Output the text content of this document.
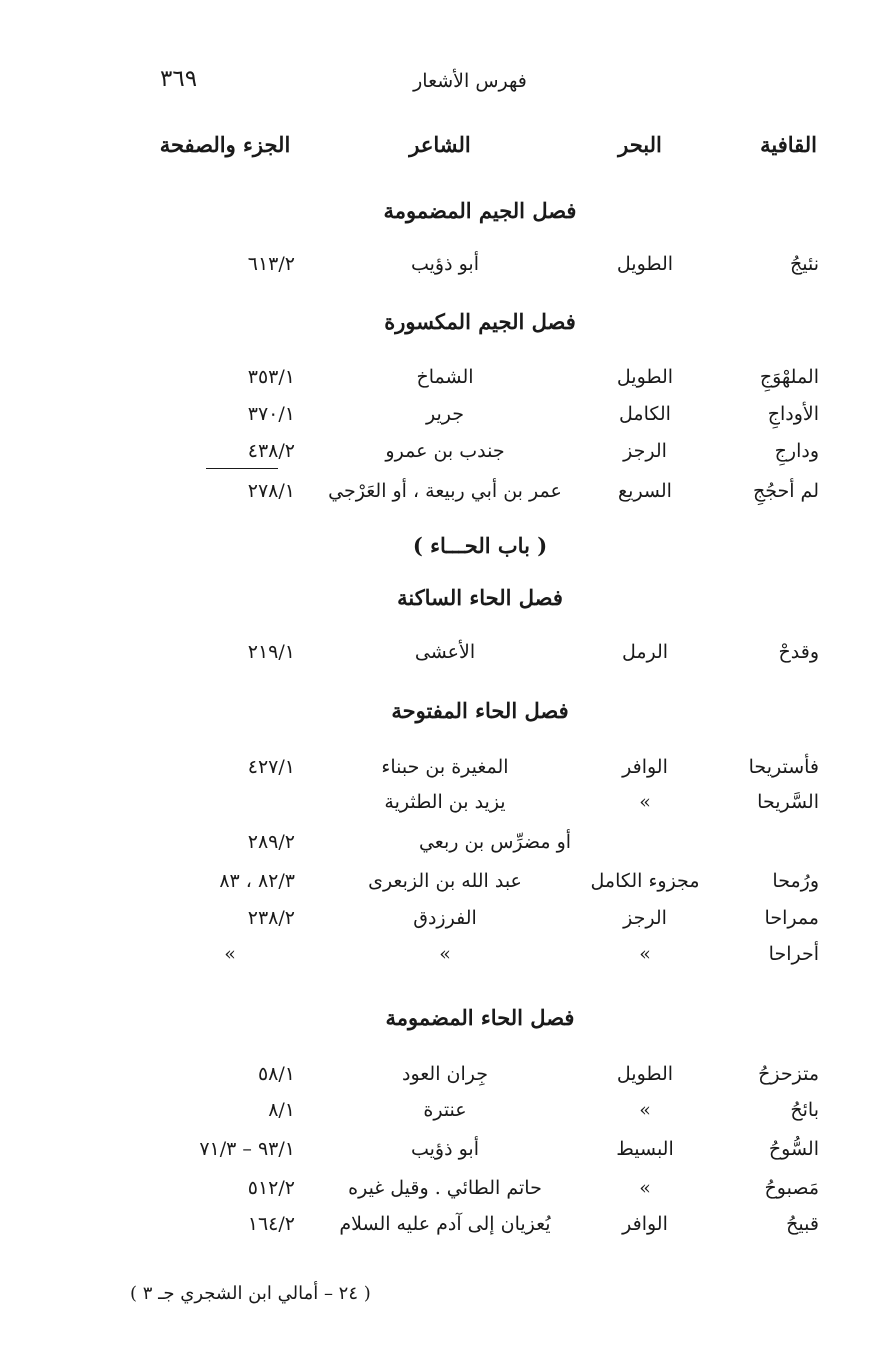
٣٦٩	فهرس الأشعار
القافية
البحر
الشاعر
الجزء والصفحة
فصل الجيم المضمومة
فصل الجيم المكسورة
( باب الحـــاء )
فصل الحاء الساكنة
فصل الحاء المفتوحة
فصل الحاء المضمومة
نئيجُ
الطويل
أبو ذؤيب
٦١٣/٢
الملهْوَجِ
الطويل
الشماخ
٣٥٣/١
الأوداجِ
الكامل
جرير
٣٧٠/١
ودارجِ
الرجز
جندب بن عمرو
٤٣٨/٢
لم أحجُجِ
السريع
عمر بن أبي ربيعة ، أو العَرْجي
٢٧٨/١
وقدحْ
الرمل
الأعشى
٢١٩/١
فأستريحا
الوافر
المغيرة بن حبناء
٤٢٧/١
السَّريحا
»
يزيد بن الطثرية
أو مضرِّس بن ربعي
٢٨٩/٢
ورُمحا
مجزوء الكامل
عبد الله بن الزبعرى
٨٢/٣ ، ٨٣
ممراحا
الرجز
الفرزدق
٢٣٨/٢
أحراحا
»
»
»
متزحزحُ
الطويل
جِران العود
٥٨/١
بائحُ
»
عنترة
٨/١
السُّوحُ
البسيط
أبو ذؤيب
٩٣/١ – ٧١/٣
مَصبوحُ
»
حاتم الطائي . وقيل غيره
٥١٢/٢
قبيحُ
الوافر
يُعزيان إلى آدم عليه السلام
١٦٤/٢
( ٢٤ – أمالي ابن الشجري جـ ٣ )
